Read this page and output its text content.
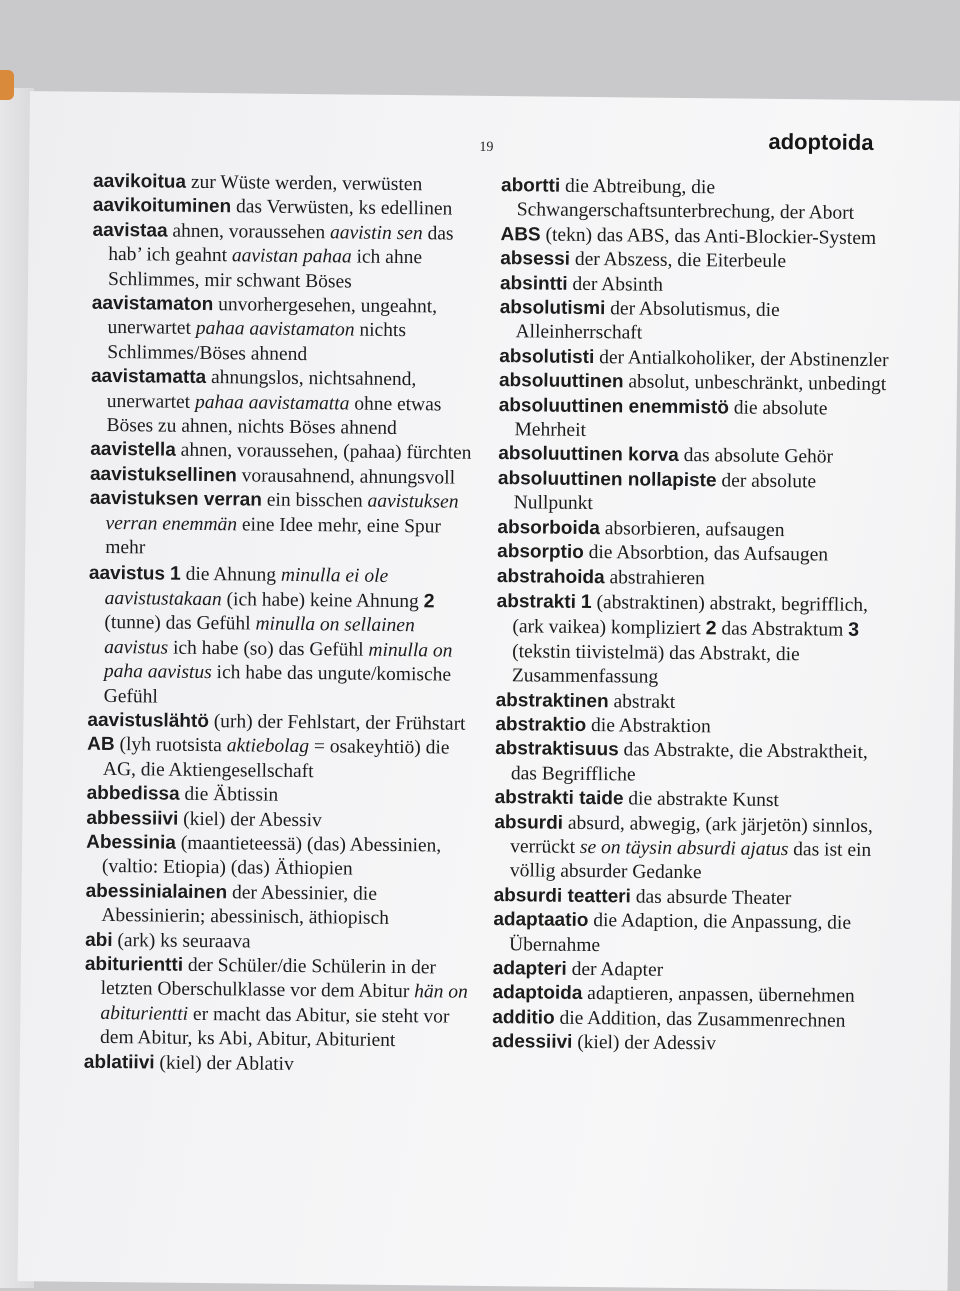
19	adoptoida
aavikoitua zur Wüste werden, verwüsten
aavikoituminen das Verwüsten, ks edellinen
aavistaa ahnen, voraussehen aavistin sen das hab’ ich geahnt aavistan pahaa ich ahne Schlimmes, mir schwant Böses
aavistamaton unvorhergesehen, ungeahnt, unerwartet pahaa aavistamaton nichts Schlimmes/Böses ahnend
aavistamatta ahnungslos, nichtsahnend, unerwartet pahaa aavistamatta ohne etwas Böses zu ahnen, nichts Böses ahnend
aavistella ahnen, voraussehen, (pahaa) fürchten
aavistuksellinen vorausahnend, ahnungsvoll
aavistuksen verran ein bisschen aavistuksen verran enemmän eine Idee mehr, eine Spur mehr
aavistus 1 die Ahnung minulla ei ole aavistustakaan (ich habe) keine Ahnung 2 (tunne) das Gefühl minulla on sellainen aavistus ich habe (so) das Gefühl minulla on paha aavistus ich habe das ungute/komische Gefühl
aavistuslähtö (urh) der Fehlstart, der Frühstart
AB (lyh ruotsista aktiebolag = osakeyhtiö) die AG, die Aktiengesellschaft
abbedissa die Äbtissin
abbessiivi (kiel) der Abessiv
Abessinia (maantieteessä) (das) Abessinien, (valtio: Etiopia) (das) Äthiopien
abessinialainen der Abessinier, die Abessinierin; abessinisch, äthiopisch
abi (ark) ks seuraava
abiturientti der Schüler/die Schülerin in der letzten Oberschulklasse vor dem Abitur hän on abiturientti er macht das Abitur, sie steht vor dem Abitur, ks Abi, Abitur, Abiturient
ablatiivi (kiel) der Ablativ
abortti die Abtreibung, die Schwangerschaftsunterbrechung, der Abort
ABS (tekn) das ABS, das Anti-Blockier-System
absessi der Abszess, die Eiterbeule
absintti der Absinth
absolutismi der Absolutismus, die Alleinherrschaft
absolutisti der Antialkoholiker, der Abstinenzler
absoluuttinen absolut, unbeschränkt, unbedingt
absoluuttinen enemmistö die absolute Mehrheit
absoluuttinen korva das absolute Gehör
absoluuttinen nollapiste der absolute Nullpunkt
absorboida absorbieren, aufsaugen
absorptio die Absorbtion, das Aufsaugen
abstrahoida abstrahieren
abstrakti 1 (abstraktinen) abstrakt, begrifflich, (ark vaikea) kompliziert 2 das Abstraktum 3 (tekstin tiivistelmä) das Abstrakt, die Zusammenfassung
abstraktinen abstrakt
abstraktio die Abstraktion
abstraktisuus das Abstrakte, die Abstraktheit, das Begriffliche
abstrakti taide die abstrakte Kunst
absurdi absurd, abwegig, (ark järjetön) sinnlos, verrückt se on täysin absurdi ajatus das ist ein völlig absurder Gedanke
absurdi teatteri das absurde Theater
adaptaatio die Adaption, die Anpassung, die Übernahme
adapteri der Adapter
adaptoida adaptieren, anpassen, übernehmen
additio die Addition, das Zusammenrechnen
adessiivi (kiel) der Adessiv
